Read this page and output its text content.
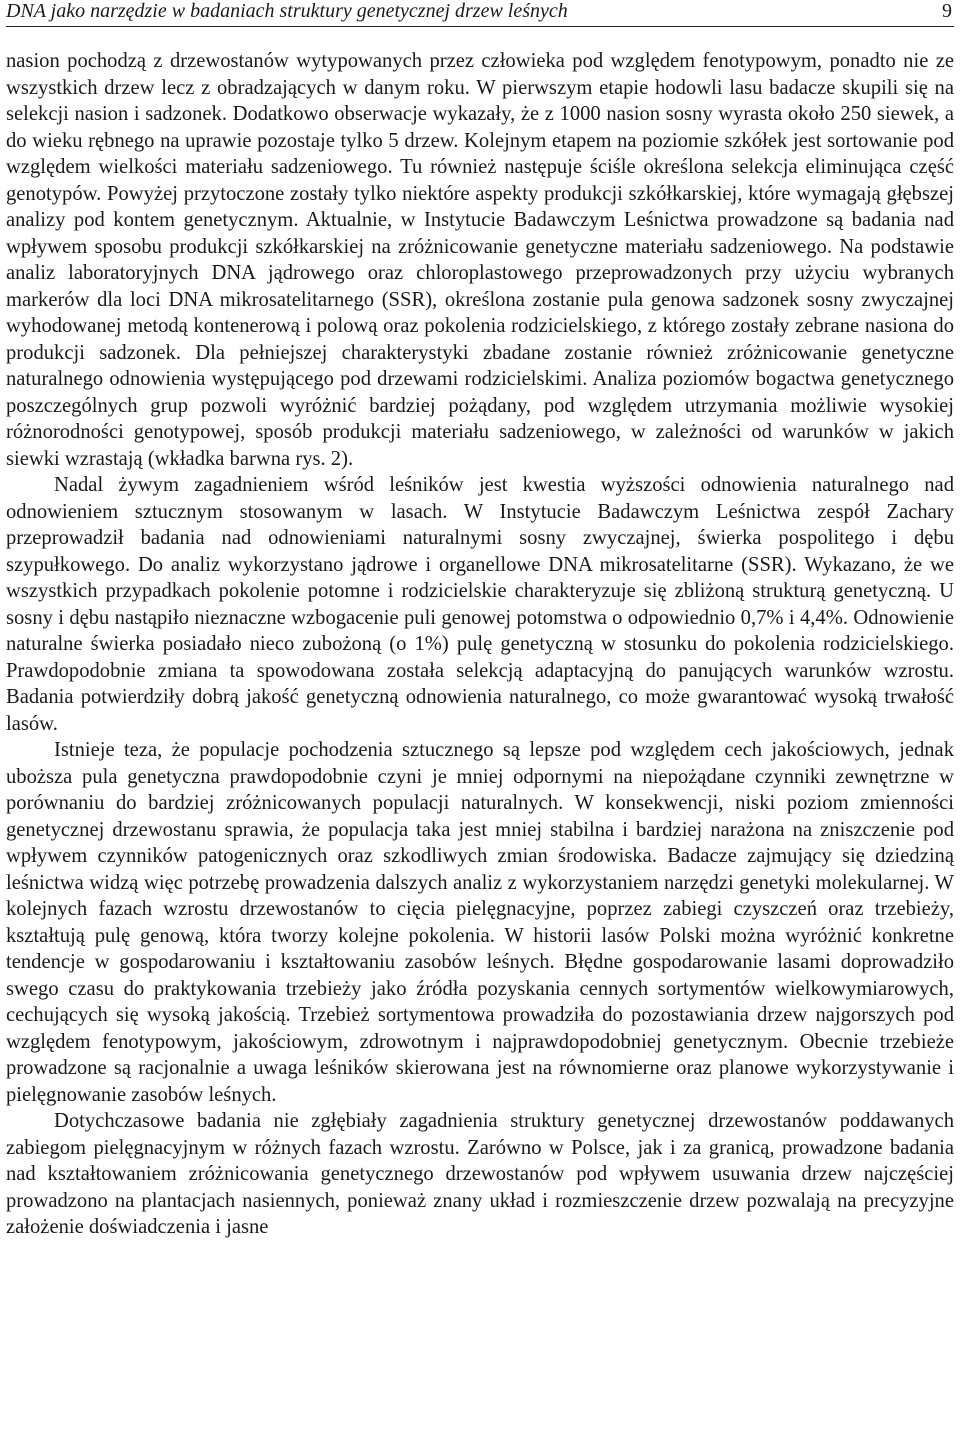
DNA jako narzędzie w badaniach struktury genetycznej drzew leśnych	9

nasion pochodzą z drzewostanów wytypowanych przez człowieka pod względem fenotypowym, ponadto nie ze wszystkich drzew lecz z obradzających w danym roku. W pierwszym etapie hodowli lasu badacze skupili się na selekcji nasion i sadzonek. Dodatkowo obserwacje wykazały, że z 1000 nasion sosny wyrasta około 250 siewek, a do wieku rębnego na uprawie pozostaje tylko 5 drzew. Kolejnym etapem na poziomie szkółek jest sortowanie pod względem wielkości materiału sadzeniowego. Tu również następuje ściśle określona selekcja eliminująca część genotypów. Powyżej przytoczone zostały tylko niektóre aspekty produkcji szkółkarskiej, które wymagają głębszej analizy pod kontem genetycznym. Aktualnie, w Instytucie Badawczym Leśnictwa prowadzone są badania nad wpływem sposobu produkcji szkółkarskiej na zróżnicowanie genetyczne materiału sadzeniowego. Na podstawie analiz laboratoryjnych DNA jądrowego oraz chloroplastowego przeprowadzonych przy użyciu wybranych markerów dla loci DNA mikrosatelitarnego (SSR), określona zostanie pula genowa sadzonek sosny zwyczajnej wyhodowanej metodą kontenerową i polową oraz pokolenia rodzicielskiego, z którego zostały zebrane nasiona do produkcji sadzonek. Dla pełniejszej charakterystyki zbadane zostanie również zróżnicowanie genetyczne naturalnego odnowienia występującego pod drzewami rodzicielskimi. Analiza poziomów bogactwa genetycznego poszczególnych grup pozwoli wyróżnić bardziej pożądany, pod względem utrzymania możliwie wysokiej różnorodności genotypowej, sposób produkcji materiału sadzeniowego, w zależności od warunków w jakich siewki wzrastają (wkładka barwna rys. 2).

Nadal żywym zagadnieniem wśród leśników jest kwestia wyższości odnowienia naturalnego nad odnowieniem sztucznym stosowanym w lasach. W Instytucie Badawczym Leśnictwa zespół Zachary przeprowadził badania nad odnowieniami naturalnymi sosny zwyczajnej, świerka pospolitego i dębu szypułkowego. Do analiz wykorzystano jądrowe i organellowe DNA mikrosatelitarne (SSR). Wykazano, że we wszystkich przypadkach pokolenie potomne i rodzicielskie charakteryzuje się zbliżoną strukturą genetyczną. U sosny i dębu nastąpiło nieznaczne wzbogacenie puli genowej potomstwa o odpowiednio 0,7% i 4,4%. Odnowienie naturalne świerka posiadało nieco zubożoną (o 1%) pulę genetyczną w stosunku do pokolenia rodzicielskiego. Prawdopodobnie zmiana ta spowodowana została selekcją adaptacyjną do panujących warunków wzrostu. Badania potwierdziły dobrą jakość genetyczną odnowienia naturalnego, co może gwarantować wysoką trwałość lasów.

Istnieje teza, że populacje pochodzenia sztucznego są lepsze pod względem cech jakościowych, jednak uboższa pula genetyczna prawdopodobnie czyni je mniej odpornymi na niepożądane czynniki zewnętrzne w porównaniu do bardziej zróżnicowanych populacji naturalnych. W konsekwencji, niski poziom zmienności genetycznej drzewostanu sprawia, że populacja taka jest mniej stabilna i bardziej narażona na zniszczenie pod wpływem czynników patogenicznych oraz szkodliwych zmian środowiska. Badacze zajmujący się dziedziną leśnictwa widzą więc potrzebę prowadzenia dalszych analiz z wykorzystaniem narzędzi genetyki molekularnej. W kolejnych fazach wzrostu drzewostanów to cięcia pielęgnacyjne, poprzez zabiegi czyszczeń oraz trzebieży, kształtują pulę genową, która tworzy kolejne pokolenia. W historii lasów Polski można wyróżnić konkretne tendencje w gospodarowaniu i kształtowaniu zasobów leśnych. Błędne gospodarowanie lasami doprowadziło swego czasu do praktykowania trzebieży jako źródła pozyskania cennych sortymentów wielkowymiarowych, cechujących się wysoką jakością. Trzebież sortymentowa prowadziła do pozostawiania drzew najgorszych pod względem fenotypowym, jakościowym, zdrowotnym i najprawdopodobniej genetycznym. Obecnie trzebieże prowadzone są racjonalnie a uwaga leśników skierowana jest na równomierne oraz planowe wykorzystywanie i pielęgnowanie zasobów leśnych.

Dotychczasowe badania nie zgłębiały zagadnienia struktury genetycznej drzewostanów poddawanych zabiegom pielęgnacyjnym w różnych fazach wzrostu. Zarówno w Polsce, jak i za granicą, prowadzone badania nad kształtowaniem zróżnicowania genetycznego drzewostanów pod wpływem usuwania drzew najczęściej prowadzono na plantacjach nasiennych, ponieważ znany układ i rozmieszczenie drzew pozwalają na precyzyjne założenie doświadczenia i jasne
